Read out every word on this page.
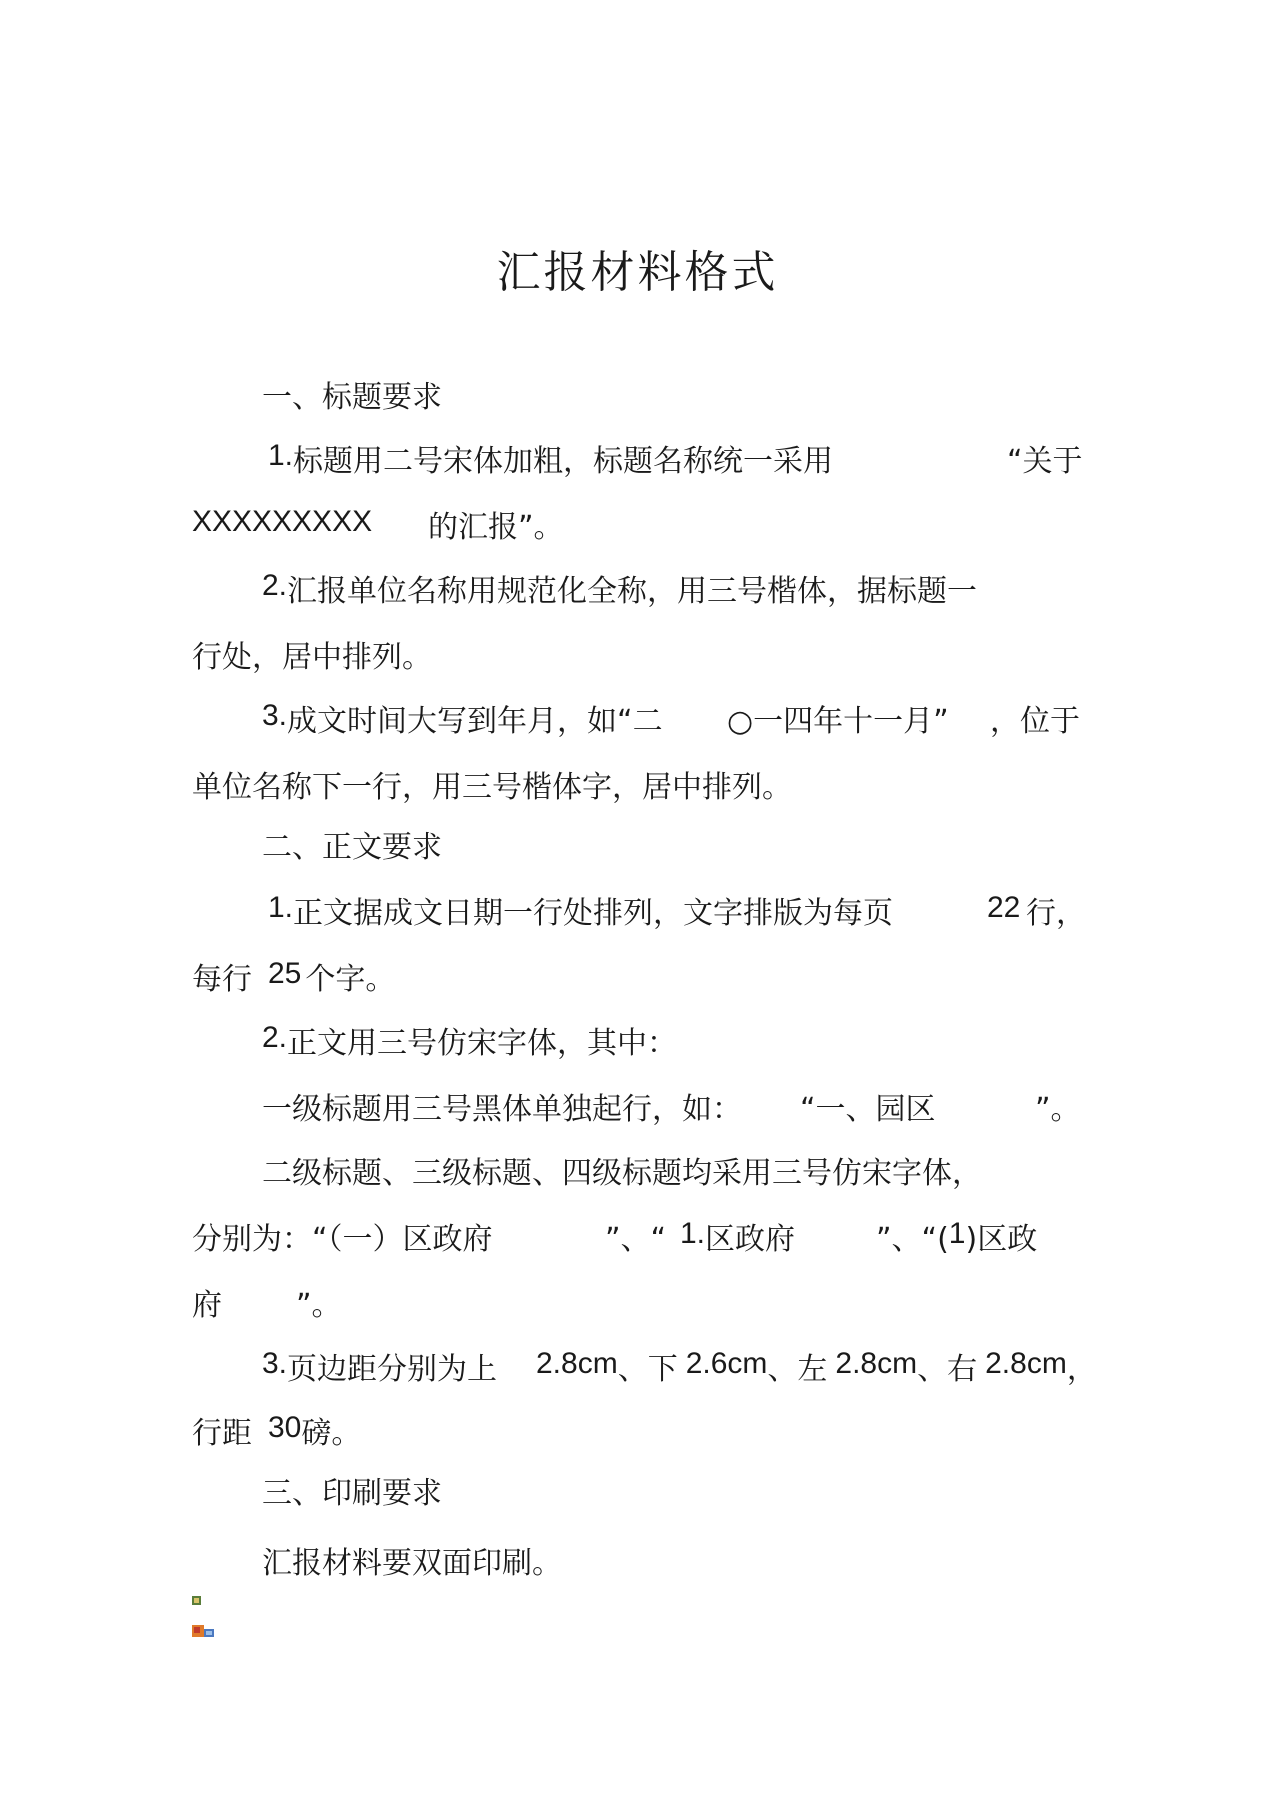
汇报材料格式
一、标题要求
1.标题用二号宋体加粗，标题名称统一采用	“关于
XXXXXXXXX 的汇报”。
2.汇报单位名称用规范化全称，用三号楷体，据标题一
行处，居中排列。
3.成文时间大写到年月，如“二 ○一四年十一月” ，位于
单位名称下一行，用三号楷体字，居中排列。
二、正文要求
1.正文据成文日期一行处排列，文字排版为每页	22 行，
每行 25 个字。
2.正文用三号仿宋字体，其中：
一级标题用三号黑体单独起行，如： “一、园区	”。
二级标题、三级标题、四级标题均采用三号仿宋字体，
分别为：“（一）区政府	”、“ 1.区政府	”、“(1)区政
府 ”。
3.页边距分别为上 2.8cm、下 2.6cm、左 2.8cm、右 2.8cm，
行距 30磅。
三、印刷要求
汇报材料要双面印刷。
